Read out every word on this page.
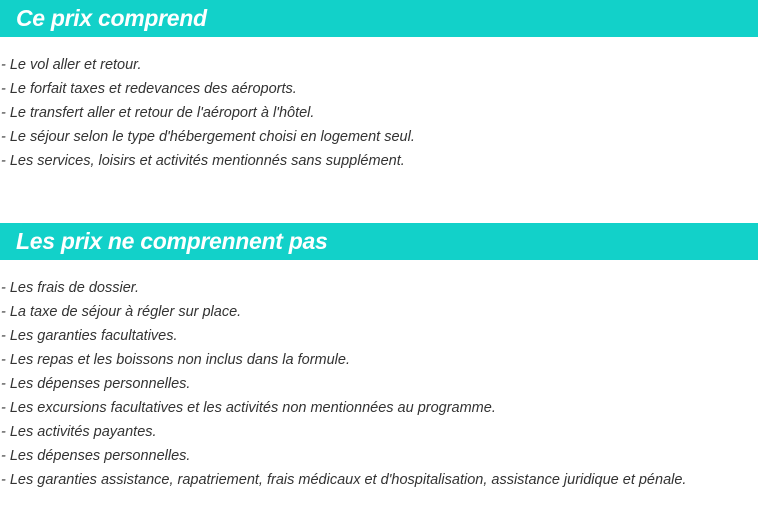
Ce prix comprend
- Le vol aller et retour.
- Le forfait taxes et redevances des aéroports.
- Le transfert aller et retour de l'aéroport à l'hôtel.
- Le séjour selon le type d'hébergement choisi en logement seul.
- Les services, loisirs et activités mentionnés sans supplément.
Les prix ne comprennent pas
- Les frais de dossier.
- La taxe de séjour à régler sur place.
- Les garanties facultatives.
- Les repas et les boissons non inclus dans la formule.
- Les dépenses personnelles.
- Les excursions facultatives et les activités non mentionnées au programme.
- Les activités payantes.
- Les dépenses personnelles.
- Les garanties assistance, rapatriement, frais médicaux et d'hospitalisation, assistance juridique et pénale.
